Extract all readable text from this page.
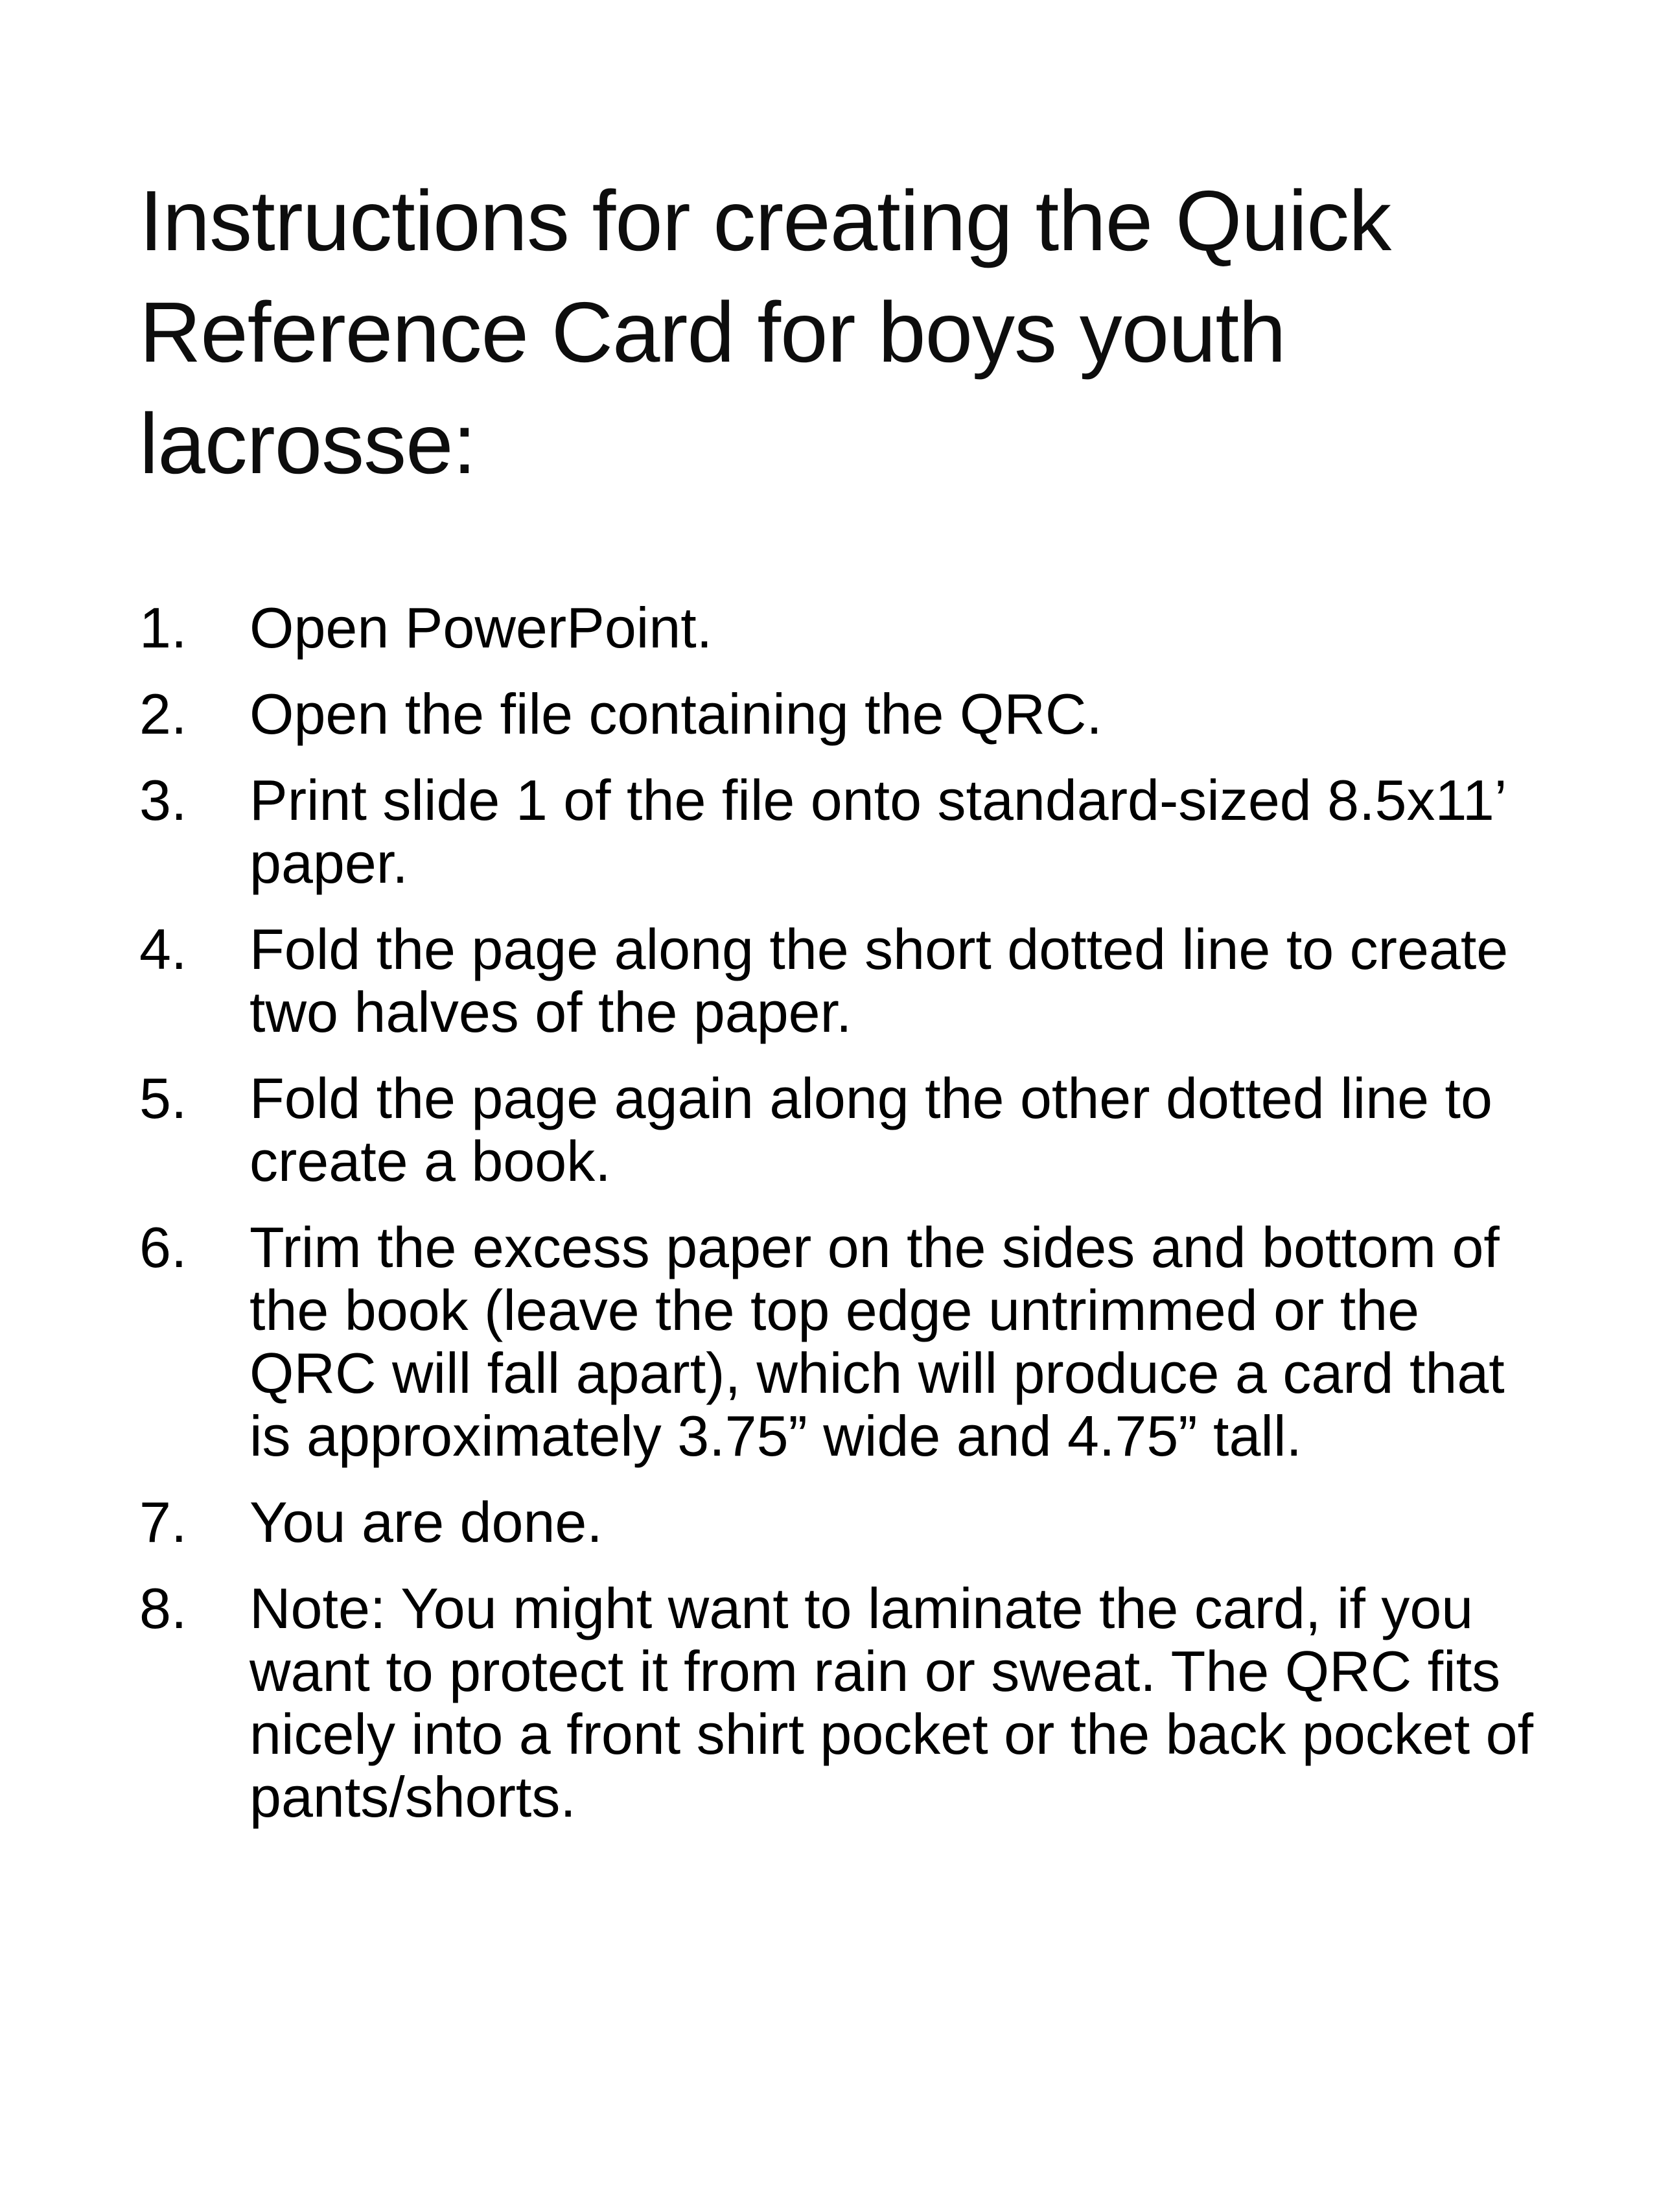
Instructions for creating the Quick Reference Card for boys youth lacrosse:
1.	Open PowerPoint.
2.	Open the file containing the QRC.
3.	Print slide 1 of the file onto standard-sized 8.5x11’ paper.
4.	Fold the page along the short dotted line to create two halves of the paper.
5.	Fold the page again along the other dotted line to create a book.
6.	Trim the excess paper on the sides and bottom of the book (leave the top edge untrimmed or the QRC will fall apart), which will produce a card that is approximately 3.75” wide and 4.75” tall.
7.	You are done.
8.	Note: You might want to laminate the card, if you want to protect it from rain or sweat. The QRC fits nicely into a front shirt pocket or the back pocket of pants/shorts.
